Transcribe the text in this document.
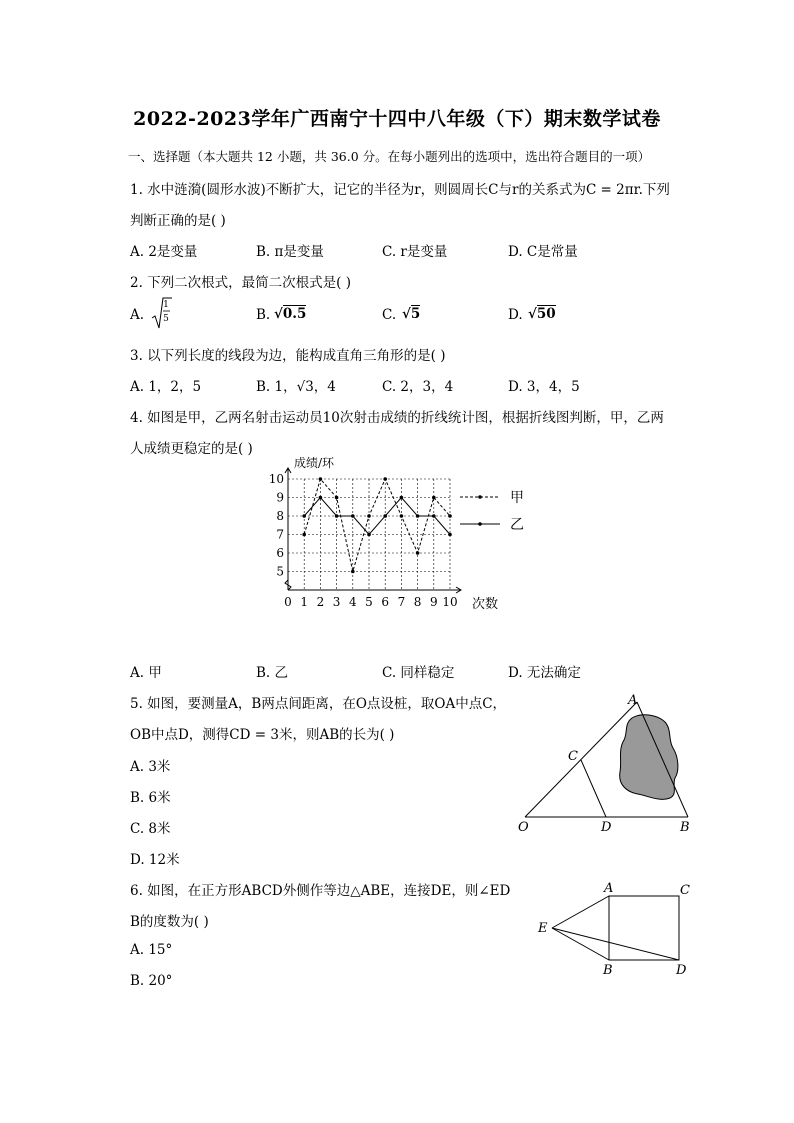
2022-2023学年广西南宁十四中八年级（下）期末数学试卷
一、选择题（本大题共 12 小题，共 36.0 分。在每小题列出的选项中，选出符合题目的一项）
1. 水中涟漪(圆形水波)不断扩大，记它的半径为r，则圆周长C与r的关系式为C = 2πr.下列
判断正确的是( )
A. 2是变量	B. π是变量	C. r是变量	D. C是常量
2. 下列二次根式，最简二次根式是( )
A.
1
5	B. √0.5	C. √5	D. √50
3. 以下列长度的线段为边，能构成直角三角形的是( )
A. 1，2，5	B. 1，√3，4	C. 2，3，4	D. 3，4，5
4. 如图是甲，乙两名射击运动员10次射击成绩的折线统计图，根据折线图判断，甲，乙两
人成绩更稳定的是( )
0 1 2 3 4 5 6 7 8 9 10
5
6
7
8
9
10
成绩/环
次数
甲
乙
A. 甲	B. 乙	C. 同样稳定	D. 无法确定
5. 如图，要测量A，B两点间距离，在O点设桩，取OA中点C，
OB中点D，测得CD = 3米，则AB的长为( )
A. 3米
B. 6米
C. 8米
D. 12米
A
C
O	D	B
6. 如图，在正方形ABCD外侧作等边△ABE，连接DE，则∠ED
B的度数为( )
A. 15°
B. 20°
A	C
E
B	D
